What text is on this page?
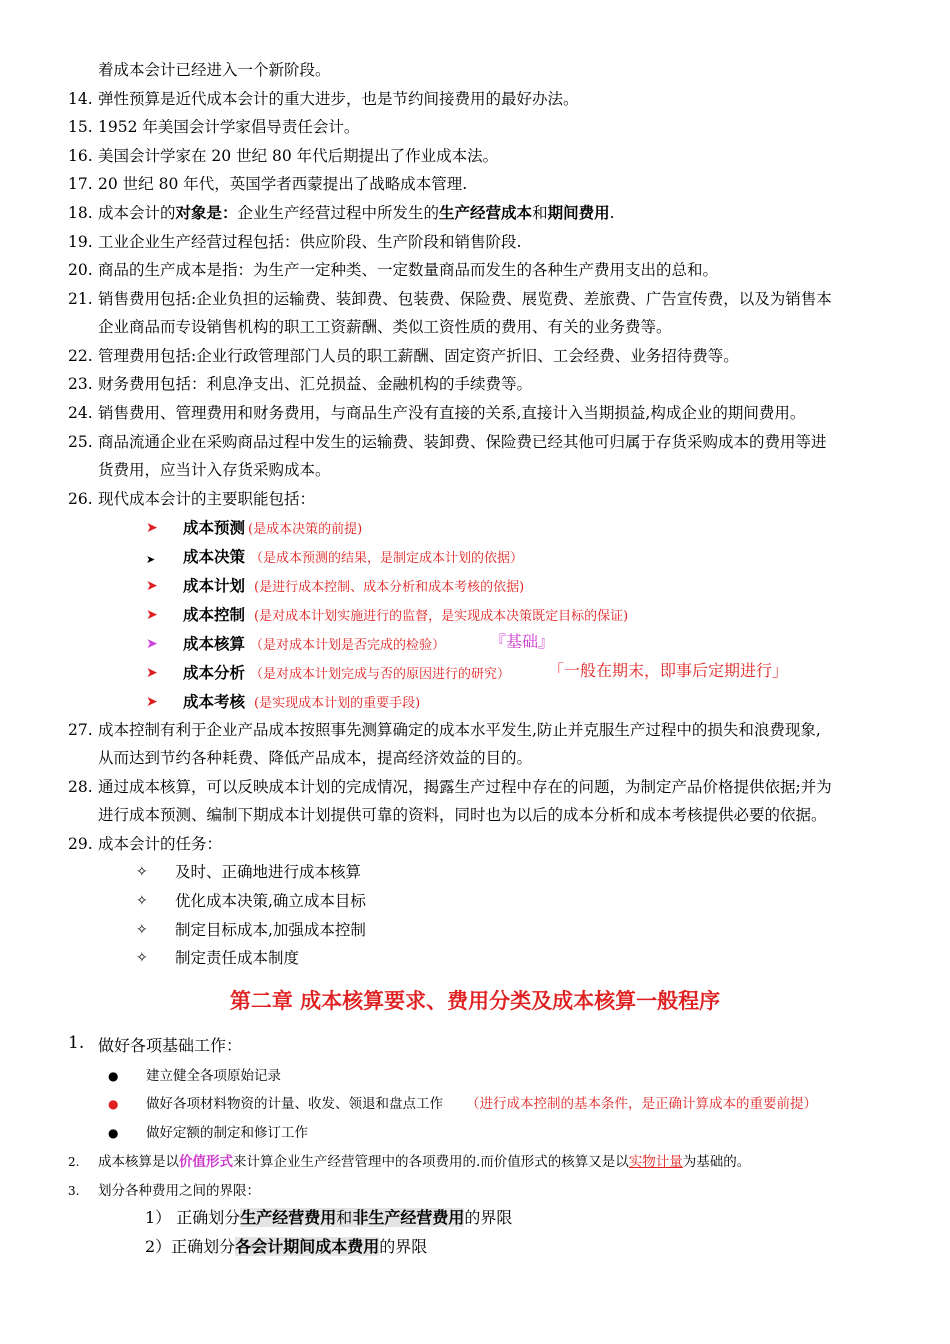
着成本会计已经进入一个新阶段。
14. 弹性预算是近代成本会计的重大进步，也是节约间接费用的最好办法。
15. 1952 年美国会计学家倡导责任会计。
16. 美国会计学家在 20 世纪 80 年代后期提出了作业成本法。
17. 20 世纪 80 年代，英国学者西蒙提出了战略成本管理.
18. 成本会计的对象是：企业生产经营过程中所发生的生产经营成本和期间费用.
19. 工业企业生产经营过程包括：供应阶段、生产阶段和销售阶段.
20. 商品的生产成本是指：为生产一定种类、一定数量商品而发生的各种生产费用支出的总和。
21. 销售费用包括:企业负担的运输费、装卸费、包装费、保险费、展览费、差旅费、广告宣传费，以及为销售本
企业商品而专设销售机构的职工工资薪酬、类似工资性质的费用、有关的业务费等。
22. 管理费用包括:企业行政管理部门人员的职工薪酬、固定资产折旧、工会经费、业务招待费等。
23. 财务费用包括：利息净支出、汇兑损益、金融机构的手续费等。
24. 销售费用、管理费用和财务费用，与商品生产没有直接的关系,直接计入当期损益,构成企业的期间费用。
25. 商品流通企业在采购商品过程中发生的运输费、装卸费、保险费已经其他可归属于存货采购成本的费用等进
货费用，应当计入存货采购成本。
26. 现代成本会计的主要职能包括：
➤ 成本预测 (是成本决策的前提)
➤ 成本决策 （是成本预测的结果，是制定成本计划的依据）
➤ 成本计划 (是进行成本控制、成本分析和成本考核的依据)
➤ 成本控制 (是对成本计划实施进行的监督，是实现成本决策既定目标的保证)
➤ 成本核算 （是对成本计划是否完成的检验）	『基础』
➤ 成本分析 （是对成本计划完成与否的原因进行的研究） 「一般在期末，即事后定期进行」
➤ 成本考核 (是实现成本计划的重要手段)
27. 成本控制有利于企业产品成本按照事先测算确定的成本水平发生,防止并克服生产过程中的损失和浪费现象,
从而达到节约各种耗费、降低产品成本，提高经济效益的目的。
28. 通过成本核算，可以反映成本计划的完成情况，揭露生产过程中存在的问题，为制定产品价格提供依据;并为
进行成本预测、编制下期成本计划提供可靠的资料，同时也为以后的成本分析和成本考核提供必要的依据。
29. 成本会计的任务：
✧ 及时、正确地进行成本核算
✧ 优化成本决策,确立成本目标
✧ 制定目标成本,加强成本控制
✧ 制定责任成本制度
第二章 成本核算要求、费用分类及成本核算一般程序
1. 做好各项基础工作：
● 建立健全各项原始记录
● 做好各项材料物资的计量、收发、领退和盘点工作 （进行成本控制的基本条件，是正确计算成本的重要前提）
● 做好定额的制定和修订工作
2. 成本核算是以价值形式来计算企业生产经营管理中的各项费用的.而价值形式的核算又是以实物计量为基础的。
3. 划分各种费用之间的界限：
1） 正确划分生产经营费用和非生产经营费用的界限
2）正确划分各会计期间成本费用的界限
